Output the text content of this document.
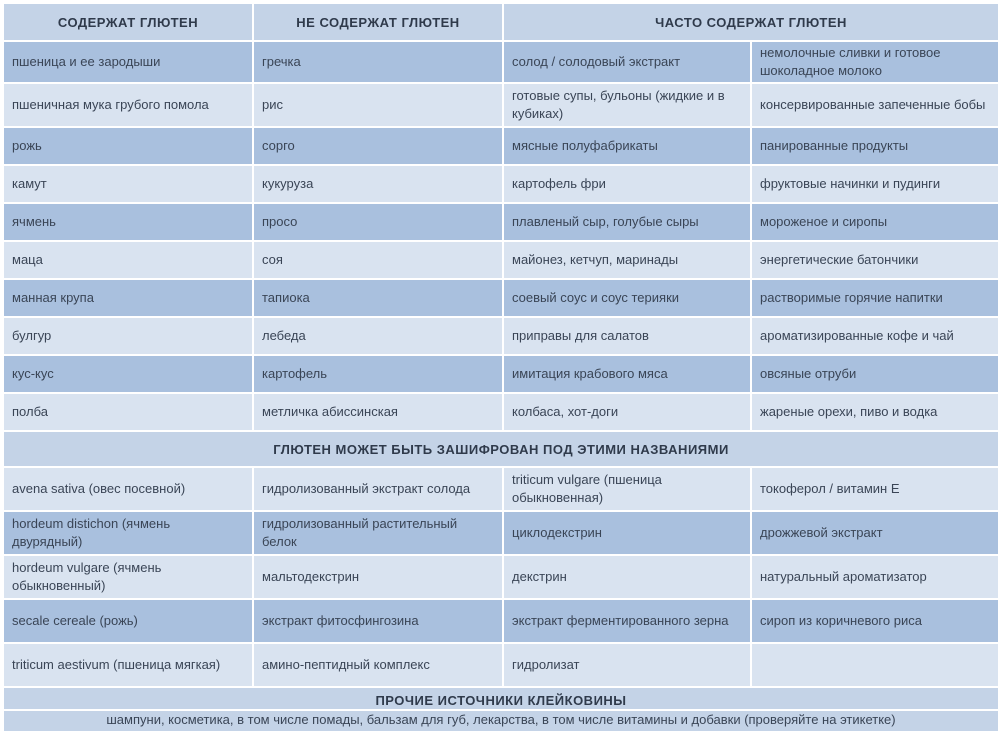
СОДЕРЖАТ ГЛЮТЕН	НЕ СОДЕРЖАТ ГЛЮТЕН	ЧАСТО СОДЕРЖАТ ГЛЮТЕН	
пшеница и ее зародыши	гречка	солод / солодовый экстракт	немолочные сливки и готовое шоколадное молоко
пшеничная мука грубого помола	рис	готовые супы, бульоны (жидкие и в кубиках)	консервированные запеченные бобы
рожь	сорго	мясные полуфабрикаты	панированные продукты
камут	кукуруза	картофель фри	фруктовые начинки и пудинги
ячмень	просо	плавленый сыр, голубые сыры	мороженое и сиропы
маца	соя	майонез, кетчуп, маринады	энергетические батончики
манная крупа	тапиока	соевый соус и соус терияки	растворимые горячие напитки
булгур	лебеда	приправы для салатов	ароматизированные кофе и чай
кус-кус	картофель	имитация крабового мяса	овсяные отруби
полба	метличка абиссинская	колбаса, хот-доги	жареные орехи, пиво и водка
ГЛЮТЕН МОЖЕТ БЫТЬ ЗАШИФРОВАН ПОД ЭТИМИ НАЗВАНИЯМИ			
avena sativa (овес посевной)	гидролизованный экстракт солода	triticum vulgare (пшеница обыкновенная)	токоферол / витамин Е
hordeum distichon (ячмень двурядный)	гидролизованный растительный белок	циклодекстрин	дрожжевой экстракт
hordeum vulgare (ячмень обыкновенный)	мальтодекстрин	декстрин	натуральный ароматизатор
secale cereale (рожь)	экстракт фитосфингозина	экстракт ферментированного зерна	сироп из коричневого риса
triticum aestivum (пшеница мягкая)	амино-пептидный комплекс	гидролизат	
ПРОЧИЕ ИСТОЧНИКИ КЛЕЙКОВИНЫ			
шампуни, косметика, в том числе помады, бальзам для губ, лекарства, в том числе витамины и добавки (проверяйте на этикетке)			
